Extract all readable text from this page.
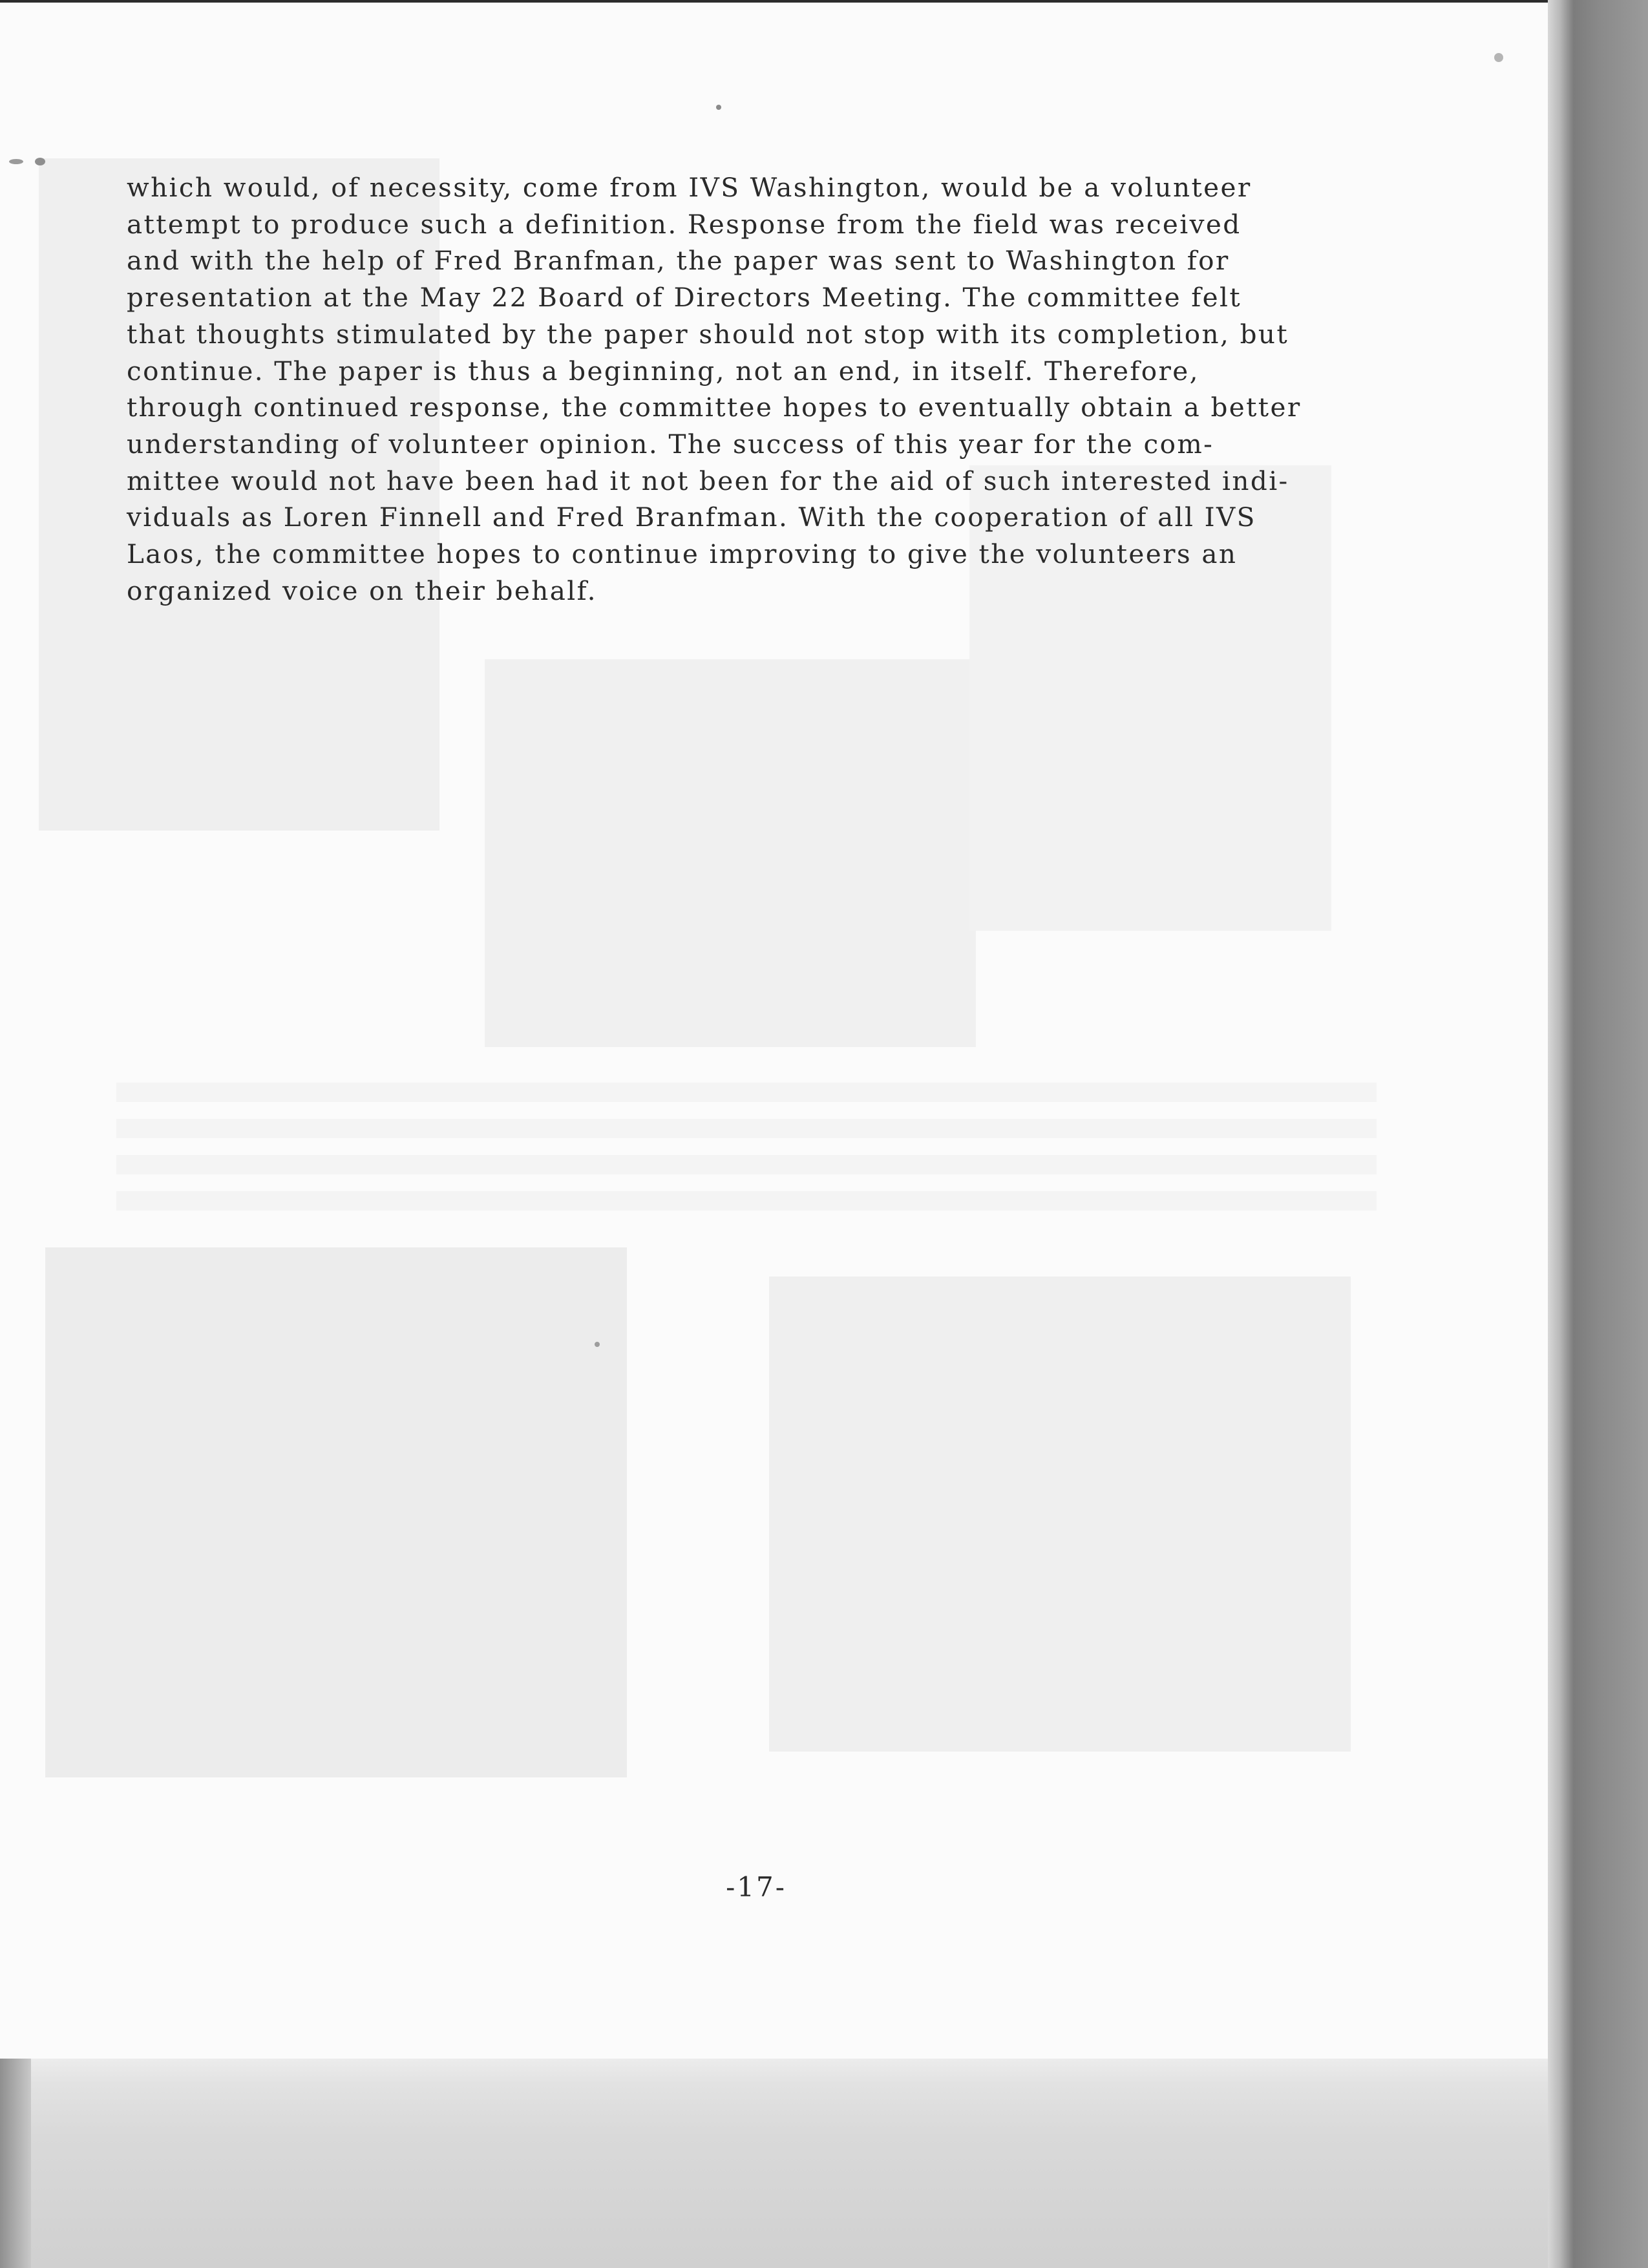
which would, of necessity, come from IVS Washington, would be a volunteer
attempt to produce such a definition. Response from the field was received
and with the help of Fred Branfman, the paper was sent to Washington for
presentation at the May 22 Board of Directors Meeting. The committee felt
that thoughts stimulated by the paper should not stop with its completion, but
continue. The paper is thus a beginning, not an end, in itself. Therefore,
through continued response, the committee hopes to eventually obtain a better
understanding of volunteer opinion. The success of this year for the com-
mittee would not have been had it not been for the aid of such interested indi-
viduals as Loren Finnell and Fred Branfman. With the cooperation of all IVS
Laos, the committee hopes to continue improving to give the volunteers an
organized voice on their behalf.
-17-
